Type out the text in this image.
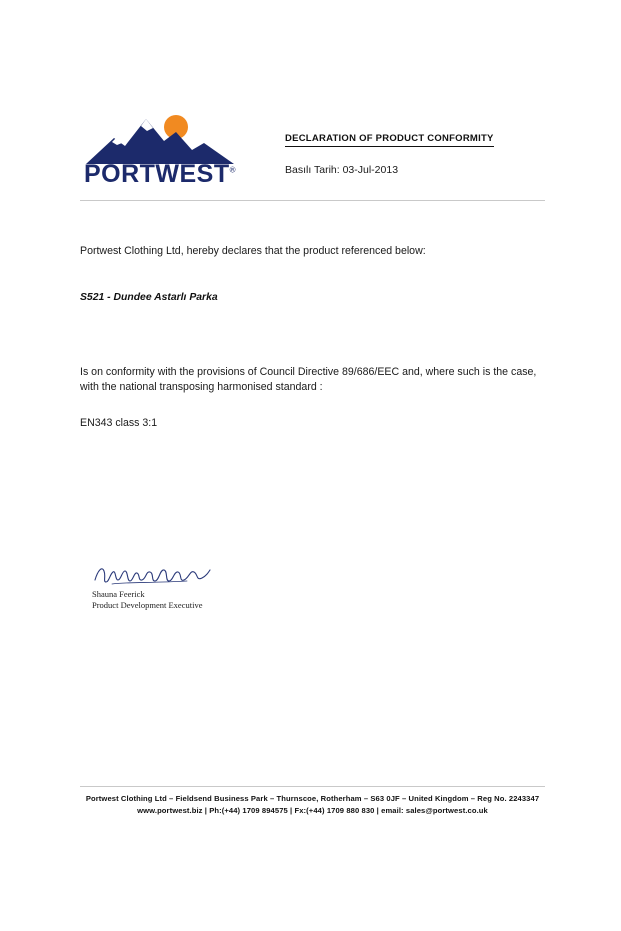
PORTWEST®
DECLARATION OF PRODUCT CONFORMITY
Basılı Tarih: 03-Jul-2013
Portwest Clothing Ltd, hereby declares that the product referenced below:
S521 - Dundee Astarlı Parka
Is on conformity with the provisions of Council Directive 89/686/EEC and, where such is the case, with the national transposing harmonised standard :
EN343 class 3:1
Shauna Feerick
Product Development Executive
Portwest Clothing Ltd – Fieldsend Business Park – Thurnscoe, Rotherham – S63 0JF – United Kingdom – Reg No. 2243347
www.portwest.biz | Ph:(+44) 1709 894575 | Fx:(+44) 1709 880 830 | email: sales@portwest.co.uk
